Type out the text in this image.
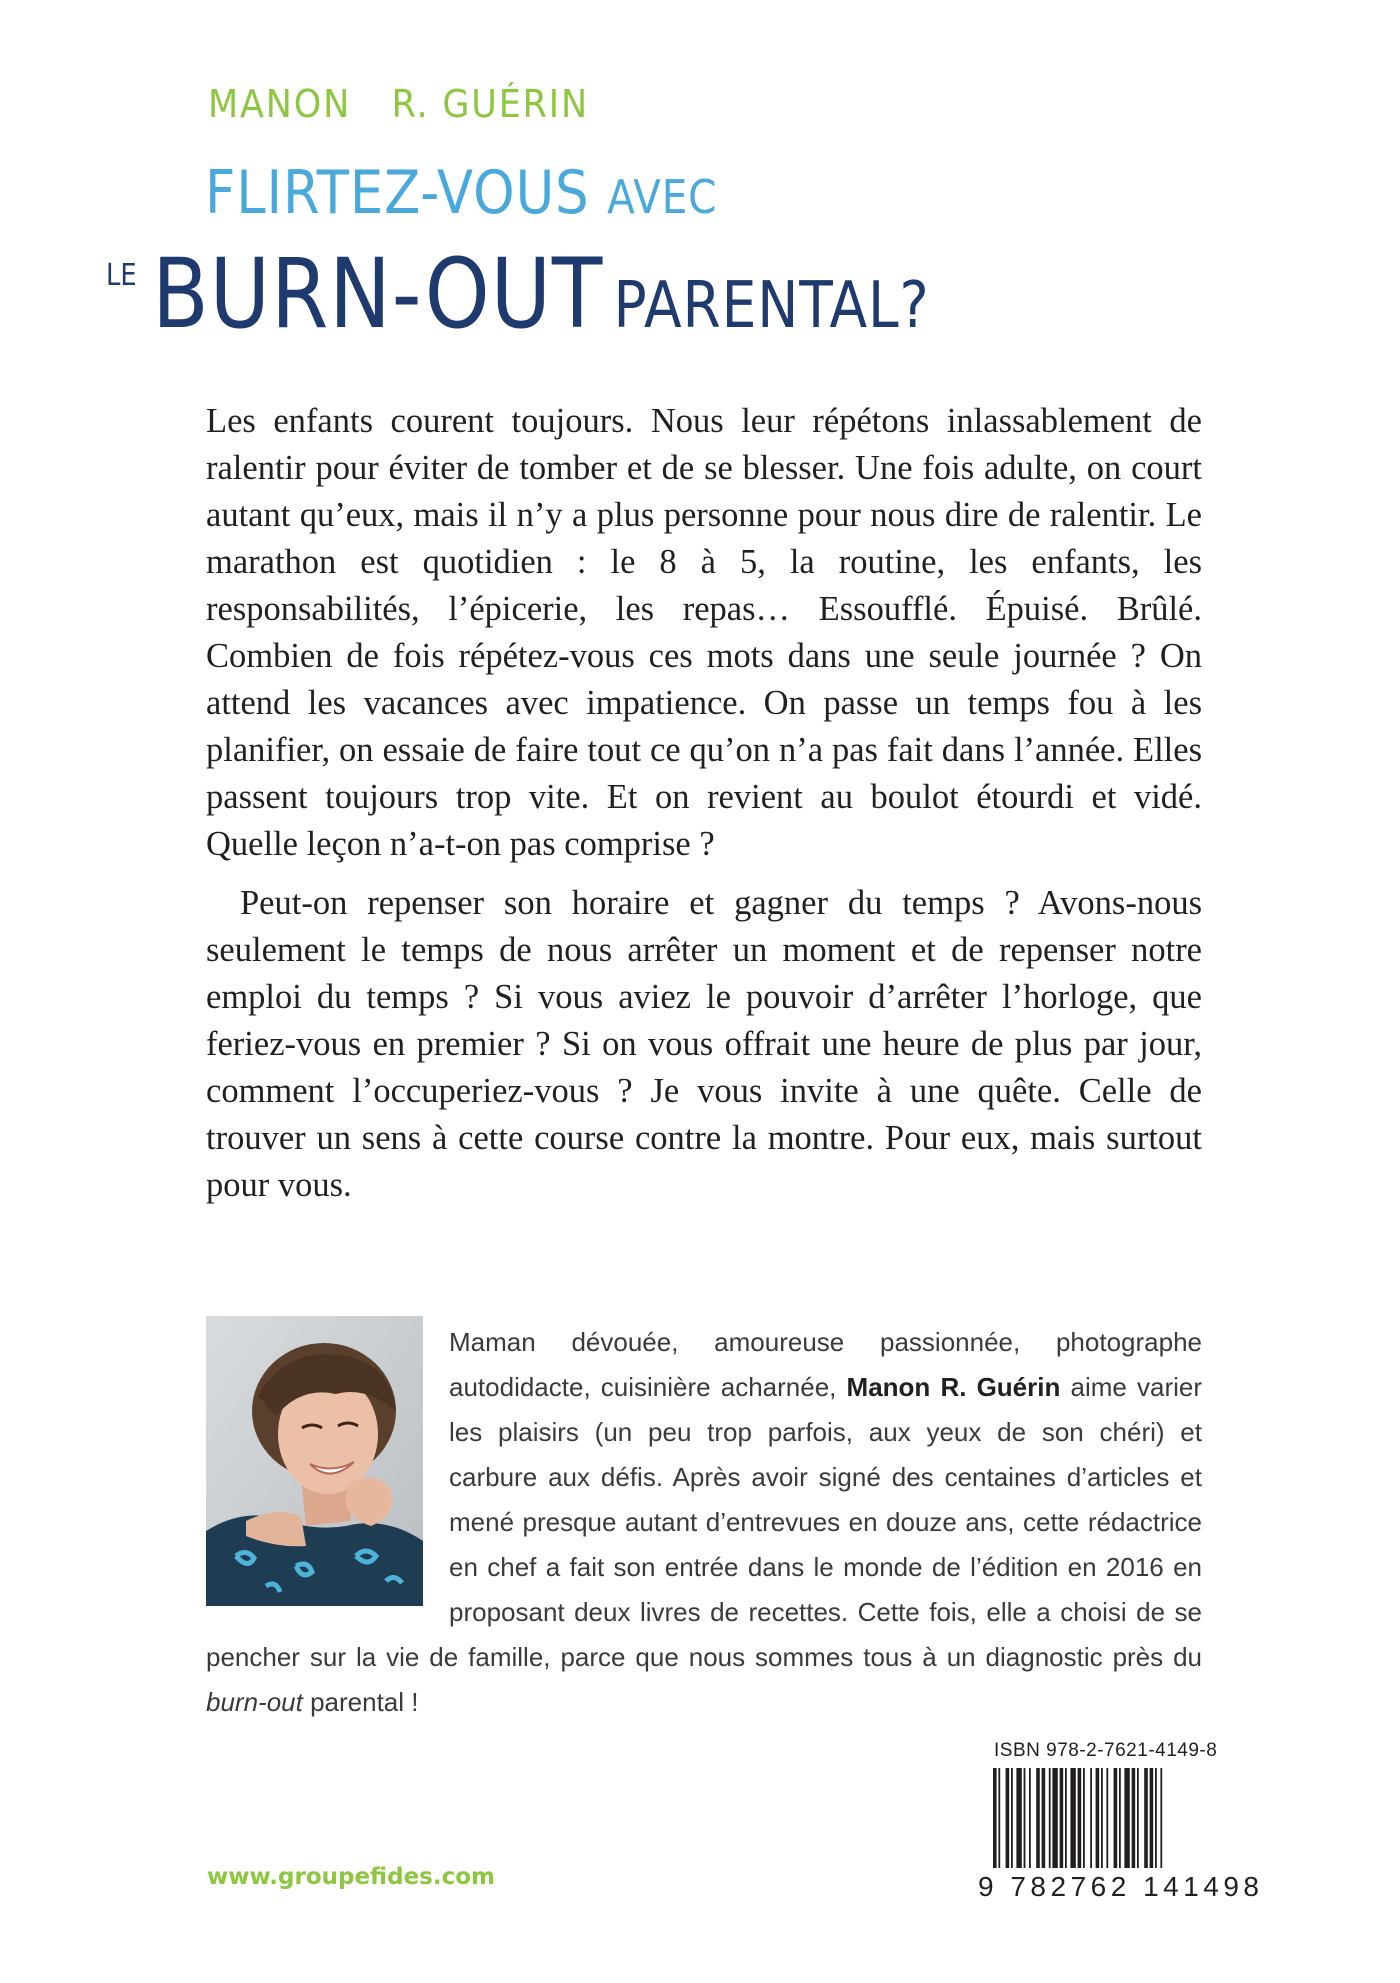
MANON R. GUÉRIN
FLIRTEZ-VOUS AVEC
LE BURN-OUT PARENTAL?

Les enfants courent toujours. Nous leur répétons inlassablement de ralentir pour éviter de tomber et de se blesser. Une fois adulte, on court autant qu’eux, mais il n’y a plus personne pour nous dire de ralentir. Le marathon est quotidien : le 8 à 5, la routine, les enfants, les responsabilités, l’épicerie, les repas… Essoufflé. Épuisé. Brûlé. Combien de fois répétez-vous ces mots dans une seule journée ? On attend les vacances avec impatience. On passe un temps fou à les planifier, on essaie de faire tout ce qu’on n’a pas fait dans l’année. Elles passent toujours trop vite. Et on revient au boulot étourdi et vidé. Quelle leçon n’a-t-on pas comprise ?

Peut-on repenser son horaire et gagner du temps ? Avons-nous seulement le temps de nous arrêter un moment et de repenser notre emploi du temps ? Si vous aviez le pouvoir d’arrêter l’horloge, que feriez-vous en premier ? Si on vous offrait une heure de plus par jour, comment l’occuperiez-vous ? Je vous invite à une quête. Celle de trouver un sens à cette course contre la montre. Pour eux, mais surtout pour vous.

Maman dévouée, amoureuse passionnée, photographe autodidacte, cuisinière acharnée, Manon R. Guérin aime varier les plaisirs (un peu trop parfois, aux yeux de son chéri) et carbure aux défis. Après avoir signé des centaines d’articles et mené presque autant d’entrevues en douze ans, cette rédactrice en chef a fait son entrée dans le monde de l’édition en 2016 en proposant deux livres de recettes. Cette fois, elle a choisi de se pencher sur la vie de famille, parce que nous sommes tous à un diagnostic près du burn-out parental !

ISBN 978-2-7621-4149-8

9 782762 141498

www.groupefides.com
